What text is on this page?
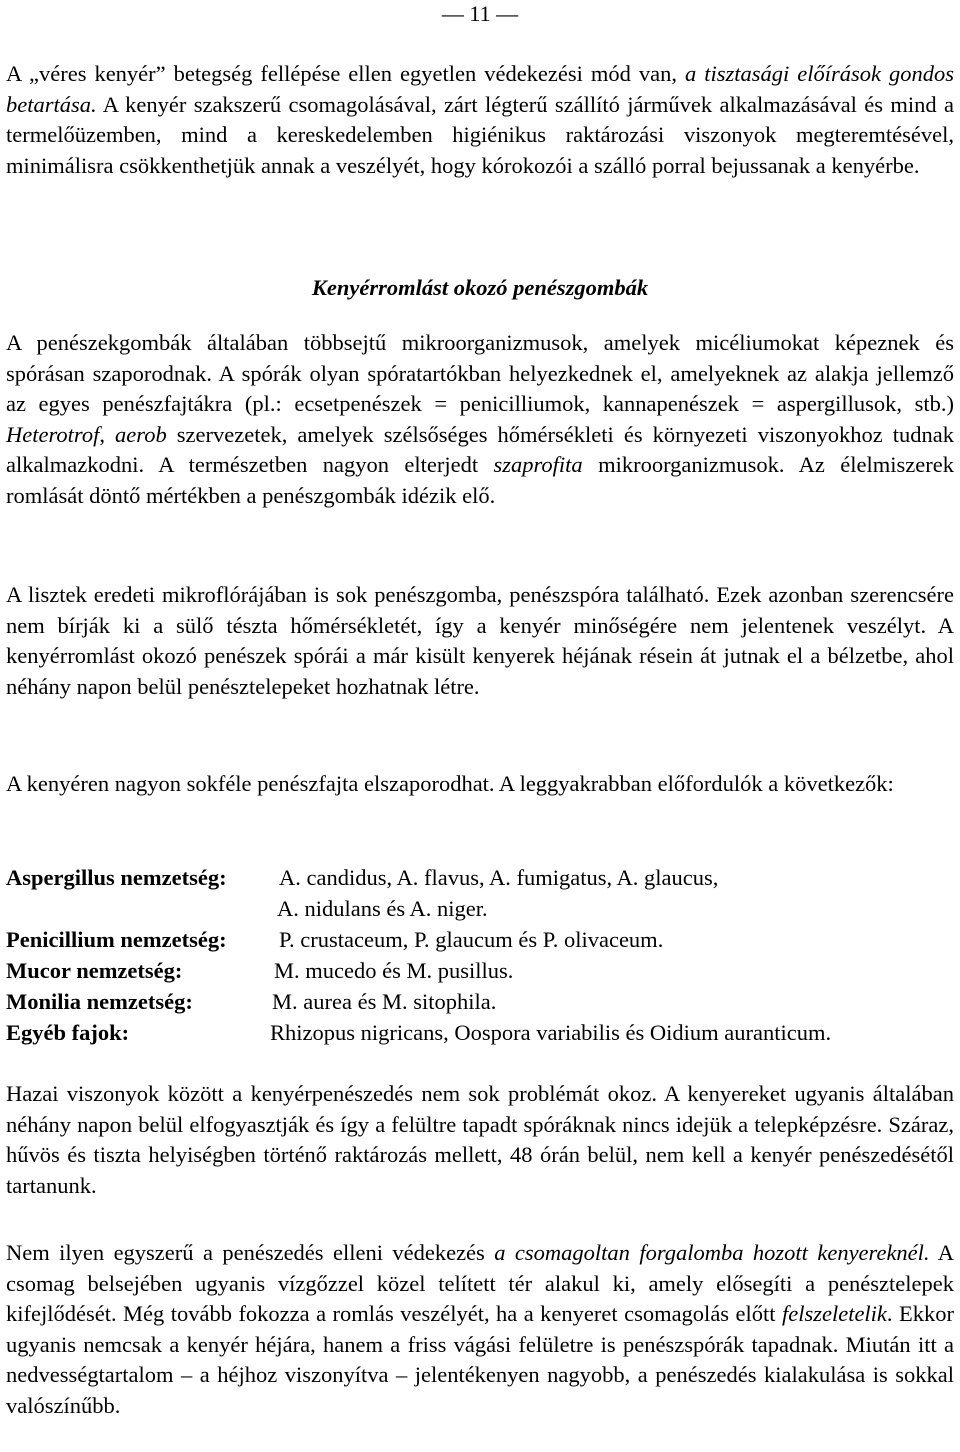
— 11 —

A „véres kenyér” betegség fellépése ellen egyetlen védekezési mód van, a tisztasági előírások gondos betartása. A kenyér szakszerű csomagolásával, zárt légterű szállító járművek alkalmazásával és mind a termelőüzemben, mind a kereskedelemben higiénikus raktározási viszonyok megteremtésével, minimálisra csökkenthetjük annak a veszélyét, hogy kórokozói a szálló porral bejussanak a kenyérbe.

Kenyérromlást okozó penészgombák

A penészekgombák általában többsejtű mikroorganizmusok, amelyek micéliumokat képeznek és spórásan szaporodnak. A spórák olyan spóratartókban helyezkednek el, amelyeknek az alakja jellemző az egyes penészfajtákra (pl.: ecsetpenészek = penicilliumok, kannapenészek = aspergillusok, stb.) Heterotrof, aerob szervezetek, amelyek szélsőséges hőmérsékleti és környezeti viszonyokhoz tudnak alkalmazkodni. A természetben nagyon elterjedt szaprofita mikroorganizmusok. Az élelmiszerek romlását döntő mértékben a penészgombák idézik elő.

A lisztek eredeti mikroflórájában is sok penészgomba, penészspóra található. Ezek azonban szerencsére nem bírják ki a sülő tészta hőmérsékletét, így a kenyér minőségére nem jelentenek veszélyt. A kenyérromlást okozó penészek spórái a már kisült kenyerek héjának résein át jutnak el a bélzetbe, ahol néhány napon belül penésztelepeket hozhatnak létre.

A kenyéren nagyon sokféle penészfajta elszaporodhat. A leggyakrabban előfordulók a következők:

Aspergillus nemzetség: A. candidus, A. flavus, A. fumigatus, A. glaucus,
A. nidulans és A. niger.
Penicillium nemzetség: P. crustaceum, P. glaucum és P. olivaceum.
Mucor nemzetség:	M. mucedo és M. pusillus.
Monilia nemzetség:	M. aurea és M. sitophila.
Egyéb fajok:	Rhizopus nigricans, Oospora variabilis és Oidium auranticum.

Hazai viszonyok között a kenyérpenészedés nem sok problémát okoz. A kenyereket ugyanis általában néhány napon belül elfogyasztják és így a felültre tapadt spóráknak nincs idejük a telepképzésre. Száraz, hűvös és tiszta helyiségben történő raktározás mellett, 48 órán belül, nem kell a kenyér penészedésétől tartanunk.

Nem ilyen egyszerű a penészedés elleni védekezés a csomagoltan forgalomba hozott kenyereknél. A csomag belsejében ugyanis vízgőzzel közel telített tér alakul ki, amely elősegíti a penésztelepek kifejlődését. Még tovább fokozza a romlás veszélyét, ha a kenyeret csomagolás előtt felszeletelik. Ekkor ugyanis nemcsak a kenyér héjára, hanem a friss vágási felületre is penészspórák tapadnak. Miután itt a nedvességtartalom – a héjhoz viszonyítva – jelentékenyen nagyobb, a penészedés kialakulása is sokkal valószínűbb.
